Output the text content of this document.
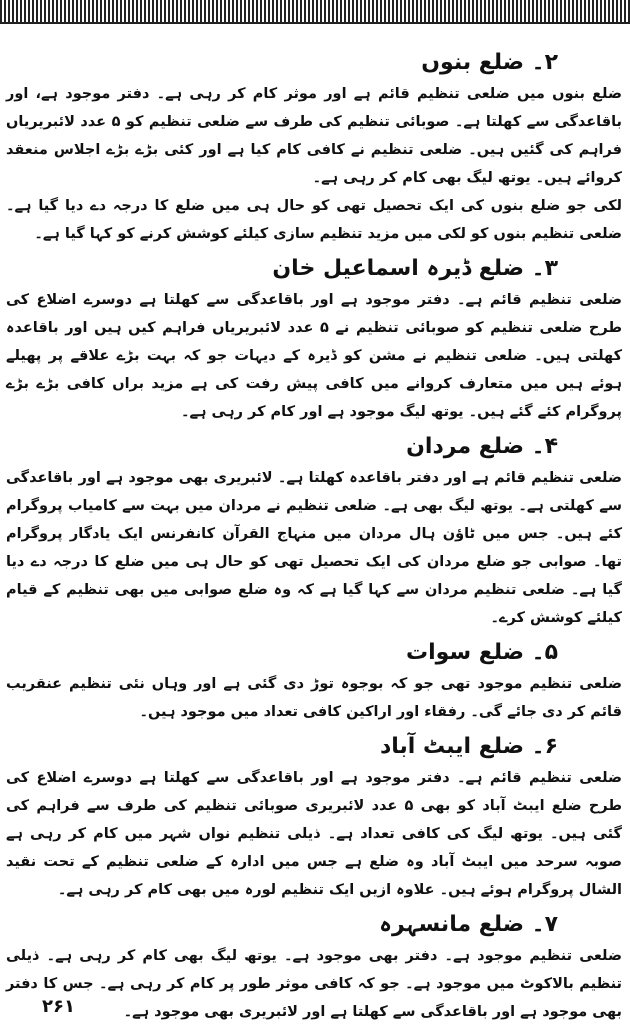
۲۔ ضلع بنوں

ضلع بنوں میں ضلعی تنظیم قائم ہے اور موثر کام کر رہی ہے۔ دفتر موجود ہے، اور باقاعدگی سے کھلتا ہے۔ صوبائی تنظیم کی طرف سے ضلعی تنظیم کو ۵ عدد لائبریریاں فراہم کی گئیں ہیں۔ ضلعی تنظیم نے کافی کام کیا ہے اور کئی بڑے بڑے اجلاس منعقد کروائے ہیں۔ یوتھ لیگ بھی کام کر رہی ہے۔

لکی جو ضلع بنوں کی ایک تحصیل تھی کو حال ہی میں ضلع کا درجہ دے دیا گیا ہے۔ ضلعی تنظیم بنوں کو لکی میں مزید تنظیم سازی کیلئے کوشش کرنے کو کہا گیا ہے۔

۳۔ ضلع ڈیرہ اسماعیل خان

ضلعی تنظیم قائم ہے۔ دفتر موجود ہے اور باقاعدگی سے کھلتا ہے دوسرے اضلاع کی طرح ضلعی تنظیم کو صوبائی تنظیم نے ۵ عدد لائبریریاں فراہم کیں ہیں اور باقاعدہ کھلتی ہیں۔ ضلعی تنظیم نے مشن کو ڈیرہ کے دیہات جو کہ بہت بڑے علاقے پر پھیلے ہوئے ہیں میں متعارف کروانے میں کافی پیش رفت کی ہے مزید براں کافی بڑے بڑے پروگرام کئے گئے ہیں۔ یوتھ لیگ موجود ہے اور کام کر رہی ہے۔

۴۔ ضلع مردان

ضلعی تنظیم قائم ہے اور دفتر باقاعدہ کھلتا ہے۔ لائبریری بھی موجود ہے اور باقاعدگی سے کھلتی ہے۔ یوتھ لیگ بھی ہے۔ ضلعی تنظیم نے مردان میں بہت سے کامیاب پروگرام کئے ہیں۔ جس میں ٹاؤن ہال مردان میں منہاج القرآن کانفرنس ایک یادگار پروگرام تھا۔ صوابی جو ضلع مردان کی ایک تحصیل تھی کو حال ہی میں ضلع کا درجہ دے دیا گیا ہے۔ ضلعی تنظیم مردان سے کہا گیا ہے کہ وہ ضلع صوابی میں بھی تنظیم کے قیام کیلئے کوشش کرے۔

۵۔ ضلع سوات

ضلعی تنظیم موجود تھی جو کہ بوجوہ توڑ دی گئی ہے اور وہاں نئی تنظیم عنقریب قائم کر دی جائے گی۔ رفقاء اور اراکین کافی تعداد میں موجود ہیں۔

۶۔ ضلع ایبٹ آباد

ضلعی تنظیم قائم ہے۔ دفتر موجود ہے اور باقاعدگی سے کھلتا ہے دوسرے اضلاع کی طرح ضلع ایبٹ آباد کو بھی ۵ عدد لائبریری صوبائی تنظیم کی طرف سے فراہم کی گئی ہیں۔ یوتھ لیگ کی کافی تعداد ہے۔ ذیلی تنظیم نواں شہر میں کام کر رہی ہے صوبہ سرحد میں ایبٹ آباد وہ ضلع ہے جس میں ادارہ کے ضلعی تنظیم کے تحت نقید الشال پروگرام ہوئے ہیں۔ علاوہ ازیں ایک تنظیم لورہ میں بھی کام کر رہی ہے۔

۷۔ ضلع مانسہرہ

ضلعی تنظیم موجود ہے۔ دفتر بھی موجود ہے۔ یوتھ لیگ بھی کام کر رہی ہے۔ ذیلی تنظیم بالاکوٹ میں موجود ہے۔ جو کہ کافی موثر طور پر کام کر رہی ہے۔ جس کا دفتر بھی موجود ہے اور باقاعدگی سے کھلتا ہے اور لائبریری بھی موجود ہے۔

۲۶۱
